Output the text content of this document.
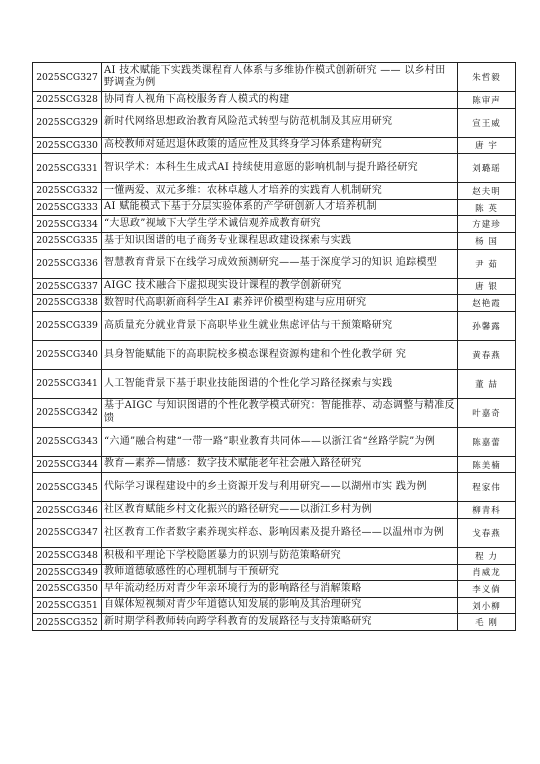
2025SCG327	AI 技术赋能下实践类课程育人体系与多维协作模式创新研究 —— 以乡村田野调查为例	朱哲毅
2025SCG328	协同育人视角下高校服务育人模式的构建	陈审声
2025SCG329	新时代网络思想政治教育风险范式转型与防范机制及其应用研究	宣王威
2025SCG330	高校教师对延迟退休政策的适应性及其终身学习体系建构研究	唐 宇
2025SCG331	智识学术：本科生生成式AI 持续使用意愿的影响机制与提升路径研究	刘璐瑶
2025SCG332	一懂两爱、双元多维：农林卓越人才培养的实践育人机制研究	赵夫明
2025SCG333	AI 赋能模式下基于分层实验体系的产学研创新人才培养机制	陈 英
2025SCG334	“大思政”视域下大学生学术诚信观养成教育研究	方建珍
2025SCG335	基于知识图谱的电子商务专业课程思政建设探索与实践	杨 国
2025SCG336	智慧教育背景下在线学习成效预测研究——基于深度学习的知识 追踪模型	尹 茹
2025SCG337	AIGC 技术融合下虚拟现实设计课程的教学创新研究	唐 银
2025SCG338	数智时代高职新商科学生AI 素养评价模型构建与应用研究	赵艳霞
2025SCG339	高质量充分就业背景下高职毕业生就业焦虑评估与干预策略研究	孙馨露
2025SCG340	具身智能赋能下的高职院校多模态课程资源构建和个性化教学研 究	黄春燕
2025SCG341	人工智能背景下基于职业技能图谱的个性化学习路径探索与实践	董 喆
2025SCG342	基于AIGC 与知识图谱的个性化教学模式研究：智能推荐、动态调整与精准反馈	叶嘉奇
2025SCG343	“六通”融合构建“一带一路”职业教育共同体——以浙江省“丝路学院”为例	陈嘉蕾
2025SCG344	教育—素养—情感：数字技术赋能老年社会融入路径研究	陈美楠
2025SCG345	代际学习课程建设中的乡土资源开发与利用研究——以湖州市实 践为例	程家伟
2025SCG346	社区教育赋能乡村文化振兴的路径研究——以浙江乡村为例	柳青科
2025SCG347	社区教育工作者数字素养现实样态、影响因素及提升路径——以温州市为例	戈春燕
2025SCG348	积极和平理论下学校隐匿暴力的识别与防范策略研究	程 力
2025SCG349	教师道德敏感性的心理机制与干预研究	肖威龙
2025SCG350	早年流动经历对青少年亲环境行为的影响路径与消解策略	李义倘
2025SCG351	自媒体短视频对青少年道德认知发展的影响及其治理研究	刘小柳
2025SCG352	新时期学科教师转向跨学科教育的发展路径与支持策略研究	毛 刚
